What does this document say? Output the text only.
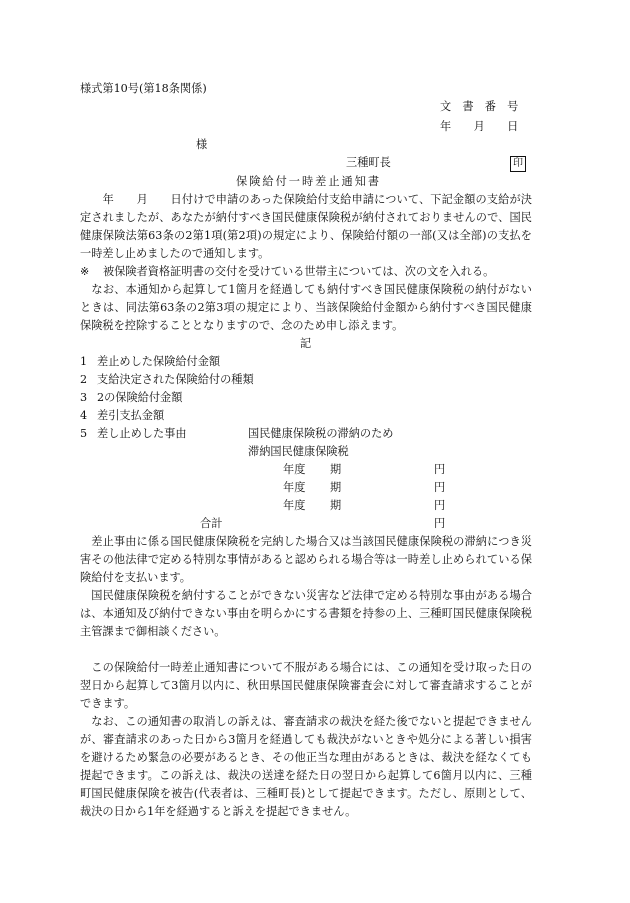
様式第10号(第18条関係)
文　書　番　号
年　　月　　日
様
三種町長	印
保険給付一時差止通知書
　　年　　月　　日付けで申請のあった保険給付支給申請について、下記金額の支給が決定されましたが、あなたが納付すべき国民健康保険税が納付されておりませんので、国民健康保険法第63条の2第1項(第2項)の規定により、保険給付額の一部(又は全部)の支払を一時差し止めましたので通知します。
※ 被保険者資格証明書の交付を受けている世帯主については、次の文を入れる。
　なお、本通知から起算して1箇月を経過しても納付すべき国民健康保険税の納付がないときは、同法第63条の2第3項の規定により、当該保険給付金額から納付すべき国民健康保険税を控除することとなりますので、念のため申し添えます。
記
1 差止めした保険給付金額
2 支給決定された保険給付の種類
3 2の保険給付金額
4 差引支払金額
5 差し止めした事由	国民健康保険税の滞納のため
滞納国民健康保険税
年度 期	円
年度 期	円
年度 期	円
合計	円
　差止事由に係る国民健康保険税を完納した場合又は当該国民健康保険税の滞納につき災害その他法律で定める特別な事情があると認められる場合等は一時差し止められている保険給付を支払います。
　国民健康保険税を納付することができない災害など法律で定める特別な事由がある場合は、本通知及び納付できない事由を明らかにする書類を持参の上、三種町国民健康保険税主管課まで御相談ください。
　この保険給付一時差止通知書について不服がある場合には、この通知を受け取った日の翌日から起算して3箇月以内に、秋田県国民健康保険審査会に対して審査請求することができます。
　なお、この通知書の取消しの訴えは、審査請求の裁決を経た後でないと提起できませんが、審査請求のあった日から3箇月を経過しても裁決がないときや処分による著しい損害を避けるため緊急の必要があるとき、その他正当な理由があるときは、裁決を経なくても提起できます。この訴えは、裁決の送達を経た日の翌日から起算して6箇月以内に、三種町国民健康保険を被告(代表者は、三種町長)として提起できます。ただし、原則として、裁決の日から1年を経過すると訴えを提起できません。
